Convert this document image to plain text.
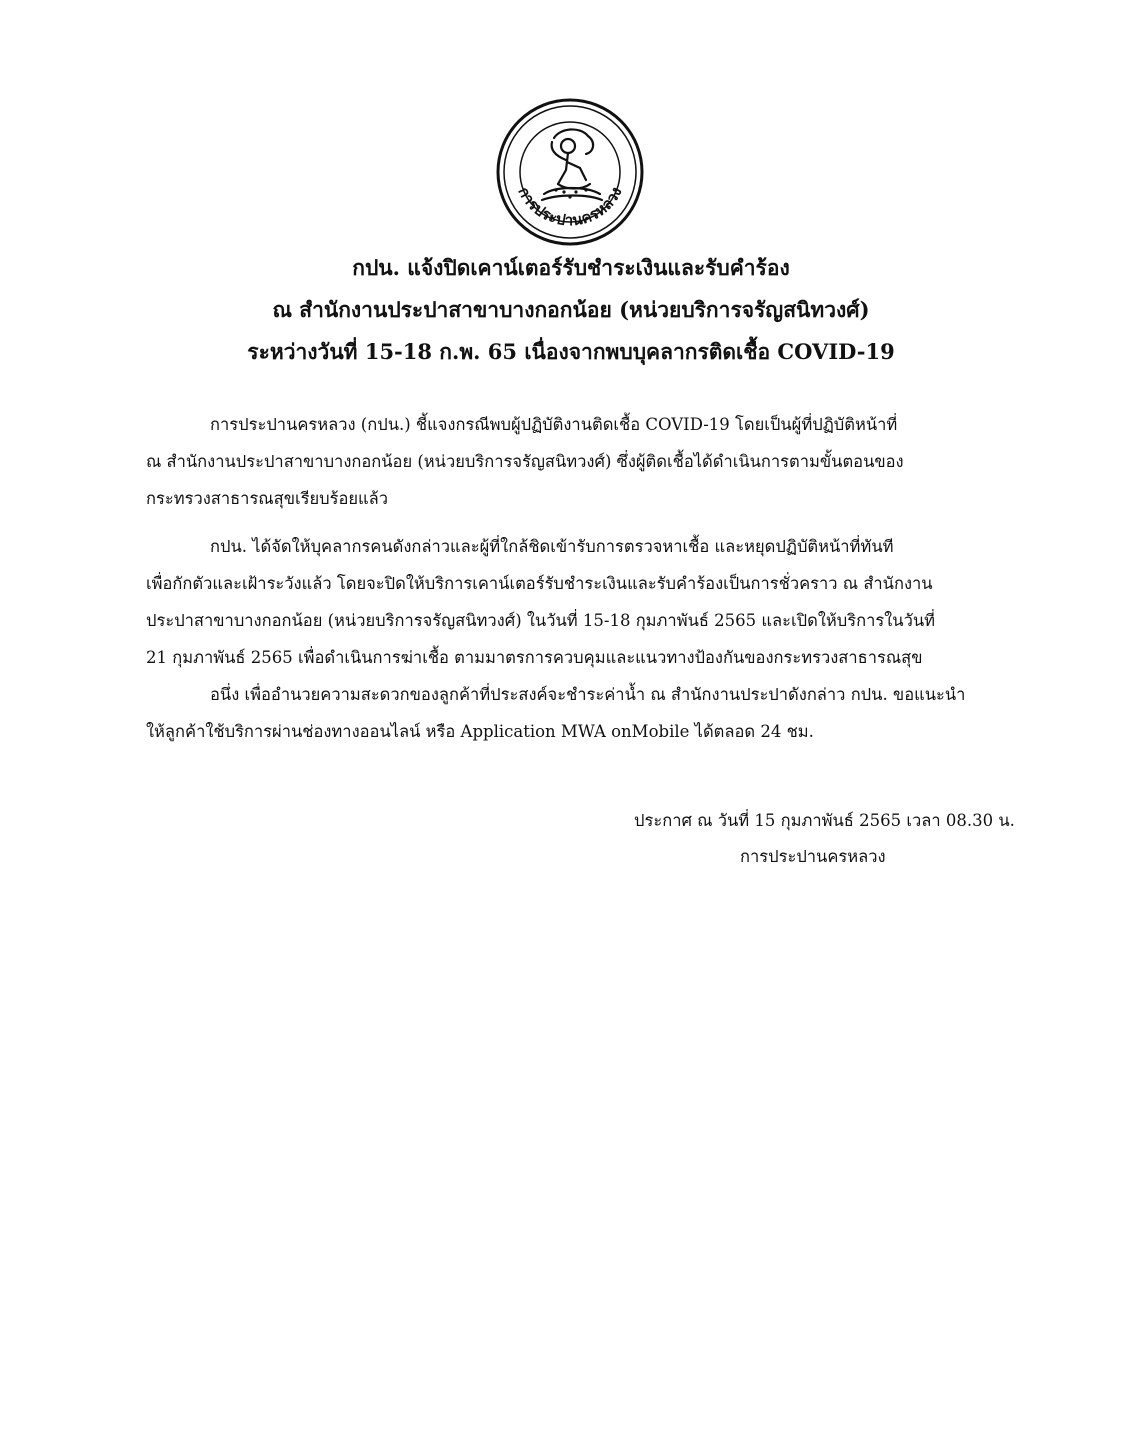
การประปานครหลวง
กปน. แจ้งปิดเคาน์เตอร์รับชำระเงินและรับคำร้อง
ณ สำนักงานประปาสาขาบางกอกน้อย (หน่วยบริการจรัญสนิทวงศ์)
ระหว่างวันที่ 15-18 ก.พ. 65 เนื่องจากพบบุคลากรติดเชื้อ COVID-19
การประปานครหลวง (กปน.) ชี้แจงกรณีพบผู้ปฏิบัติงานติดเชื้อ COVID-19 โดยเป็นผู้ที่ปฏิบัติหน้าที่
ณ สำนักงานประปาสาขาบางกอกน้อย (หน่วยบริการจรัญสนิทวงศ์) ซึ่งผู้ติดเชื้อได้ดำเนินการตามขั้นตอนของ
กระทรวงสาธารณสุขเรียบร้อยแล้ว
กปน. ได้จัดให้บุคลากรคนดังกล่าวและผู้ที่ใกล้ชิดเข้ารับการตรวจหาเชื้อ และหยุดปฏิบัติหน้าที่ทันที
เพื่อกักตัวและเฝ้าระวังแล้ว โดยจะปิดให้บริการเคาน์เตอร์รับชำระเงินและรับคำร้องเป็นการชั่วคราว ณ สำนักงาน
ประปาสาขาบางกอกน้อย (หน่วยบริการจรัญสนิทวงศ์) ในวันที่ 15-18 กุมภาพันธ์ 2565 และเปิดให้บริการในวันที่
21 กุมภาพันธ์ 2565 เพื่อดำเนินการฆ่าเชื้อ ตามมาตรการควบคุมและแนวทางป้องกันของกระทรวงสาธารณสุข
อนึ่ง เพื่ออำนวยความสะดวกของลูกค้าที่ประสงค์จะชำระค่าน้ำ ณ สำนักงานประปาดังกล่าว กปน. ขอแนะนำ
ให้ลูกค้าใช้บริการผ่านช่องทางออนไลน์ หรือ Application MWA onMobile ได้ตลอด 24 ชม.
ประกาศ ณ วันที่ 15 กุมภาพันธ์ 2565 เวลา 08.30 น.
การประปานครหลวง
